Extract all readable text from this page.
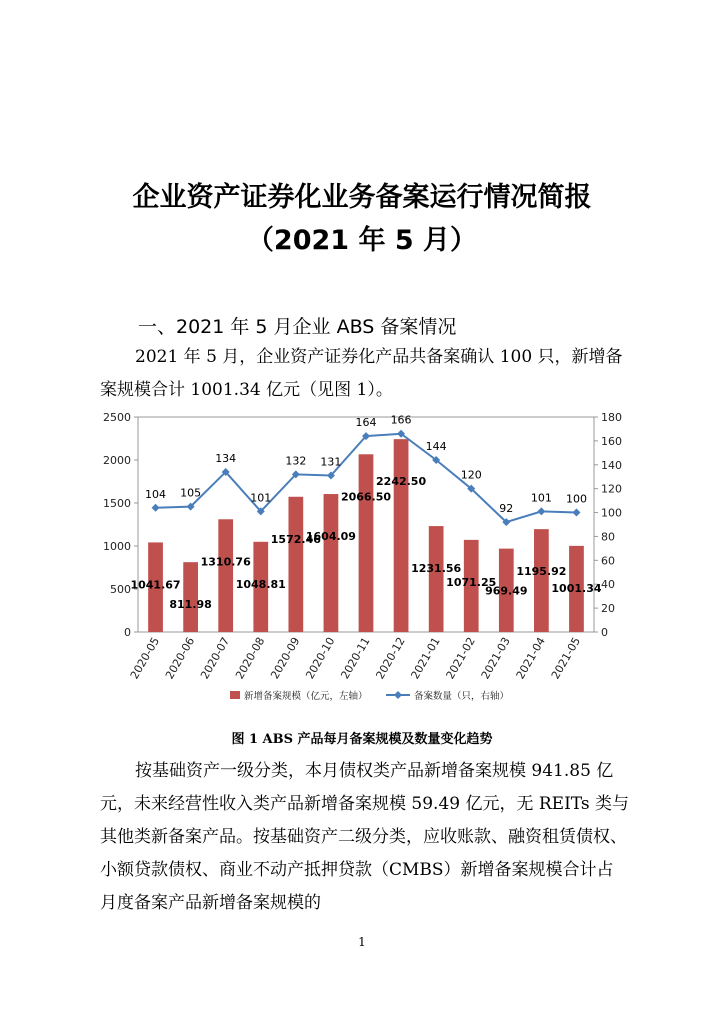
企业资产证券化业务备案运行情况简报
（2021 年 5 月）
一、2021 年 5 月企业 ABS 备案情况
2021 年 5 月，企业资产证券化产品共备案确认 100 只，新增备案规模合计 1001.34 亿元（见图 1）。
0
500
1000
1500
2000
2500
0
20
40
60
80
100
120
140
160
180
2020-05 2020-06 2020-07 2020-08 2020-09 2020-10 2020-11 2020-12 2021-01 2021-02 2021-03 2021-04 2021-05
104 105
134
101
132 131
164 166
144
120
92
101 100
1041.67
811.98
1310.76
1048.81
1572.46
1604.09
2066.50
2242.50
1231.56
1071.25
969.49
1195.92
1001.34
新增备案规模（亿元，左轴）	备案数量（只，右轴）
图 1 ABS 产品每月备案规模及数量变化趋势
按基础资产一级分类，本月债权类产品新增备案规模 941.85 亿元，未来经营性收入类产品新增备案规模 59.49 亿元，无 REITs 类与其他类新备案产品。按基础资产二级分类，应收账款、融资租赁债权、小额贷款债权、商业不动产抵押贷款（CMBS）新增备案规模合计占月度备案产品新增备案规模的
1
